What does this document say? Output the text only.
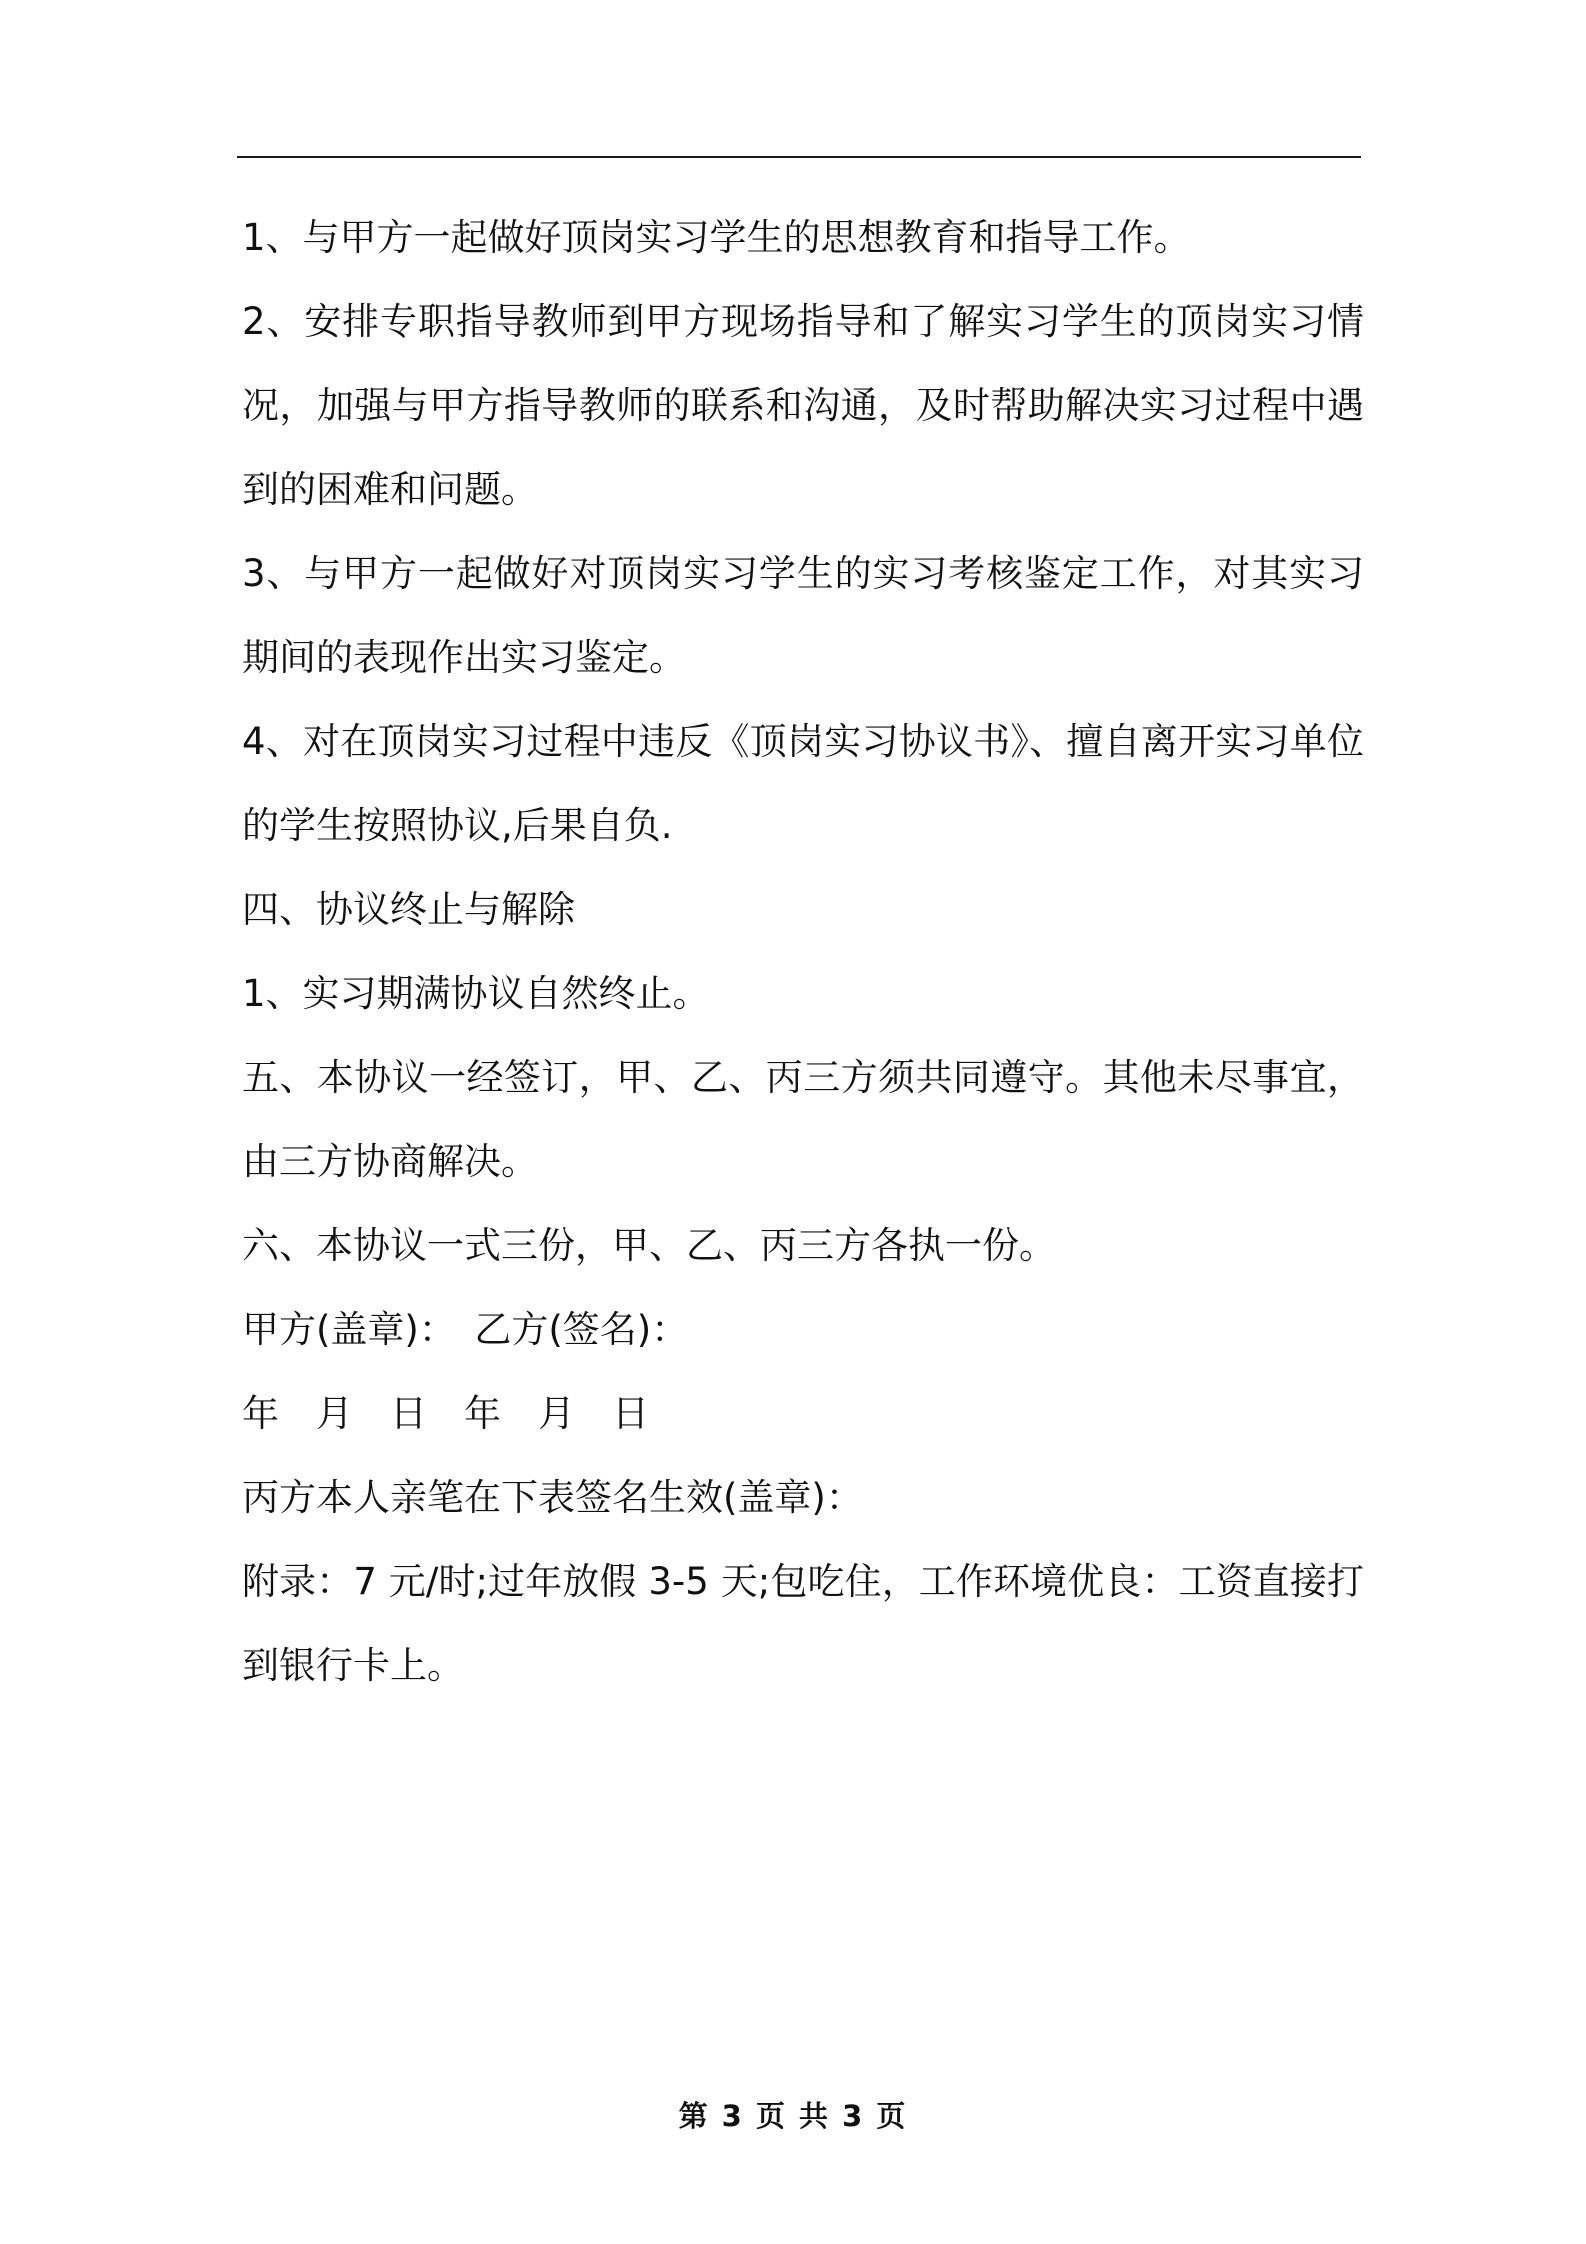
1、与甲方一起做好顶岗实习学生的思想教育和指导工作。

2、安排专职指导教师到甲方现场指导和了解实习学生的顶岗实习情况，加强与甲方指导教师的联系和沟通，及时帮助解决实习过程中遇到的困难和问题。

3、与甲方一起做好对顶岗实习学生的实习考核鉴定工作，对其实习期间的表现作出实习鉴定。

4、对在顶岗实习过程中违反《顶岗实习协议书》、擅自离开实习单位的学生按照协议,后果自负.

四、协议终止与解除

1、实习期满协议自然终止。

五、本协议一经签订，甲、乙、丙三方须共同遵守。其他未尽事宜，由三方协商解决。

六、本协议一式三份，甲、乙、丙三方各执一份。

甲方(盖章)：　乙方(签名)：

年　月　日　年　月　日

丙方本人亲笔在下表签名生效(盖章)：

附录：7 元/时;过年放假 3-5 天;包吃住，工作环境优良：工资直接打到银行卡上。

第 3 页 共 3 页
